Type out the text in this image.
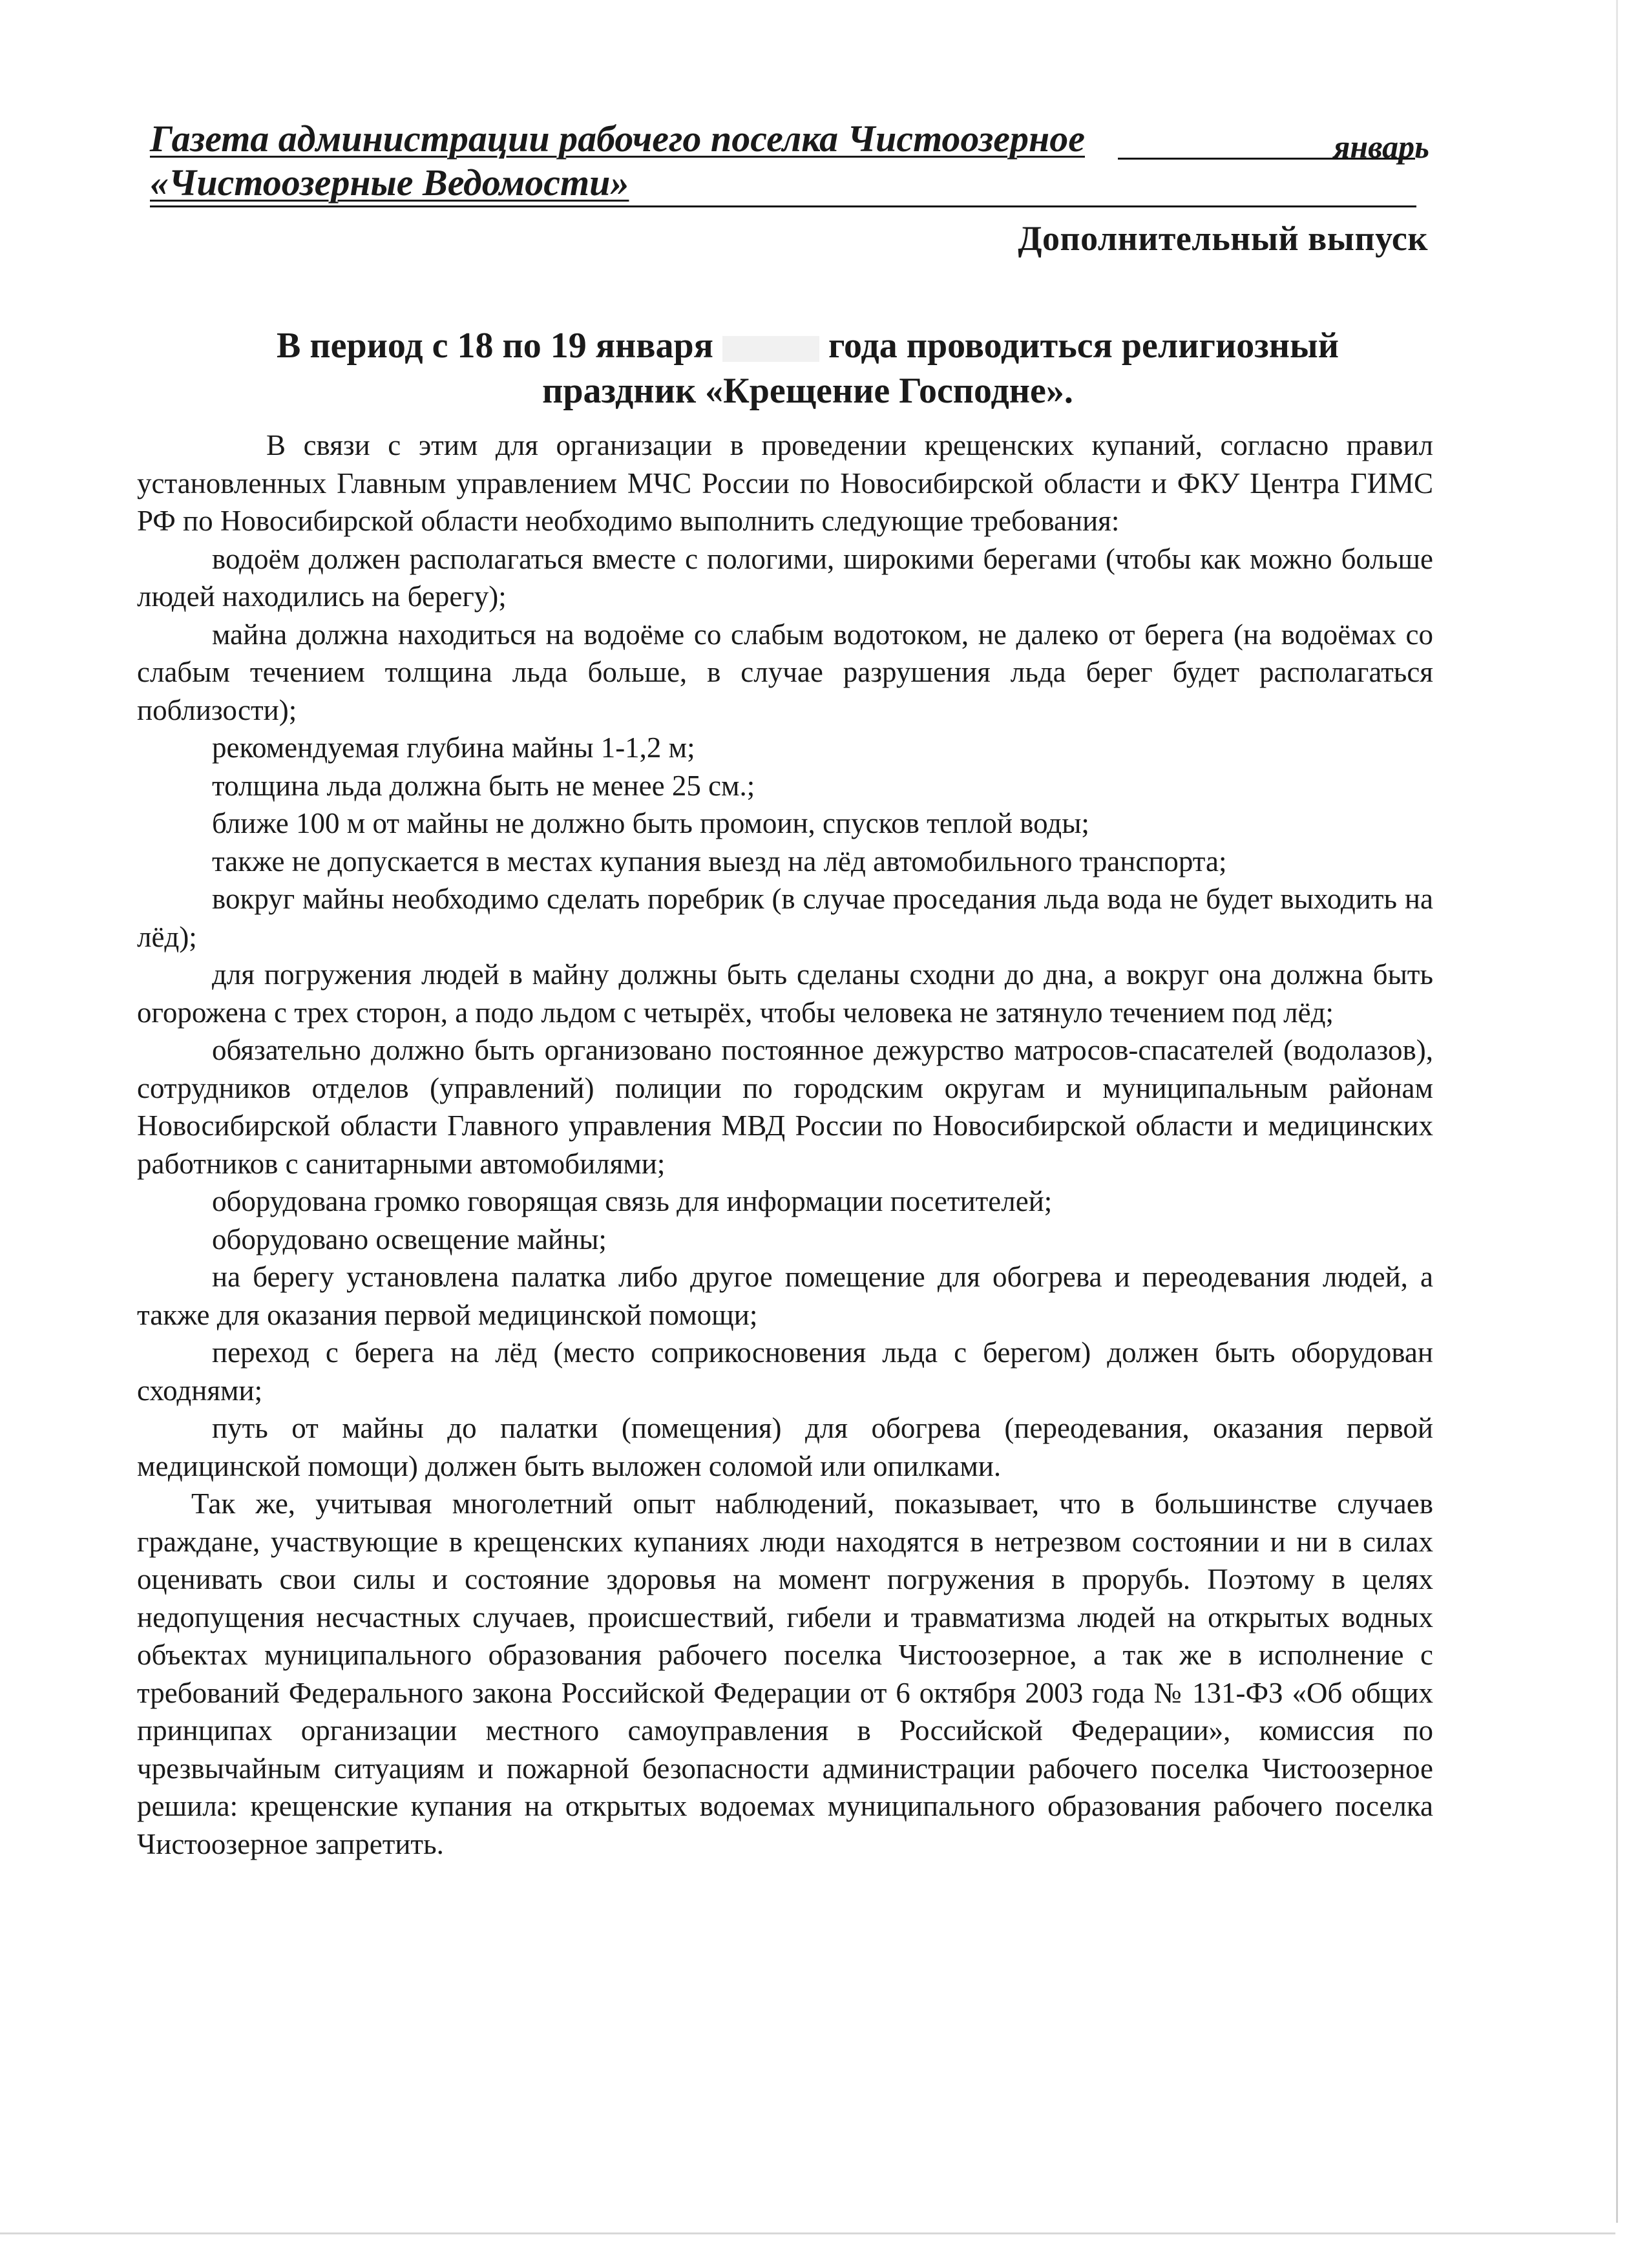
Газета администрации рабочего поселка Чистоозерное
«Чистоозерные Ведомости»
январь
Дополнительный выпуск
В период с 18 по 19 января	года проводиться религиозный
праздник «Крещение Господне».

В связи с этим для организации в проведении крещенских купаний, согласно правил установленных Главным управлением МЧС России по Новосибирской области и ФКУ Центра ГИМС РФ по Новосибирской области необходимо выполнить следующие требования:

водоём должен располагаться вместе с пологими, широкими берегами (чтобы как можно больше людей находились на берегу);

майна должна находиться на водоёме со слабым водотоком, не далеко от берега (на водоёмах со слабым течением толщина льда больше, в случае разрушения льда берег будет располагаться поблизости);

рекомендуемая глубина майны 1-1,2 м;

толщина льда должна быть не менее 25 см.;

ближе 100 м от майны не должно быть промоин, спусков теплой воды;

также не допускается в местах купания выезд на лёд автомобильного транспорта;

вокруг майны необходимо сделать поребрик (в случае проседания льда вода не будет выходить на лёд);

для погружения людей в майну должны быть сделаны сходни до дна, а вокруг она должна быть огорожена с трех сторон, а подо льдом с четырёх, чтобы человека не затянуло течением под лёд;

обязательно должно быть организовано постоянное дежурство матросов-спасателей (водолазов), сотрудников отделов (управлений) полиции по городским округам и муниципальным районам Новосибирской области Главного управления МВД России по Новосибирской области и медицинских работников с санитарными автомобилями;

оборудована громко говорящая связь для информации посетителей;

оборудовано освещение майны;

на берегу установлена палатка либо другое помещение для обогрева и переодевания людей, а также для оказания первой медицинской помощи;

переход с берега на лёд (место соприкосновения льда с берегом) должен быть оборудован сходнями;

путь от майны до палатки (помещения) для обогрева (переодевания, оказания первой медицинской помощи) должен быть выложен соломой или опилками.

Так же, учитывая многолетний опыт наблюдений, показывает, что в большинстве случаев граждане, участвующие в крещенских купаниях люди находятся в нетрезвом состоянии и ни в силах оценивать свои силы и состояние здоровья на момент погружения в прорубь. Поэтому в целях недопущения несчастных случаев, происшествий, гибели и травматизма людей на открытых водных объектах муниципального образования рабочего поселка Чистоозерное, а так же в исполнение с требований Федерального закона Российской Федерации от 6 октября 2003 года № 131-ФЗ «Об общих принципах организации местного самоуправления в Российской Федерации», комиссия по чрезвычайным ситуациям и пожарной безопасности администрации рабочего поселка Чистоозерное решила: крещенские купания на открытых водоемах муниципального образования рабочего поселка Чистоозерное запретить.
